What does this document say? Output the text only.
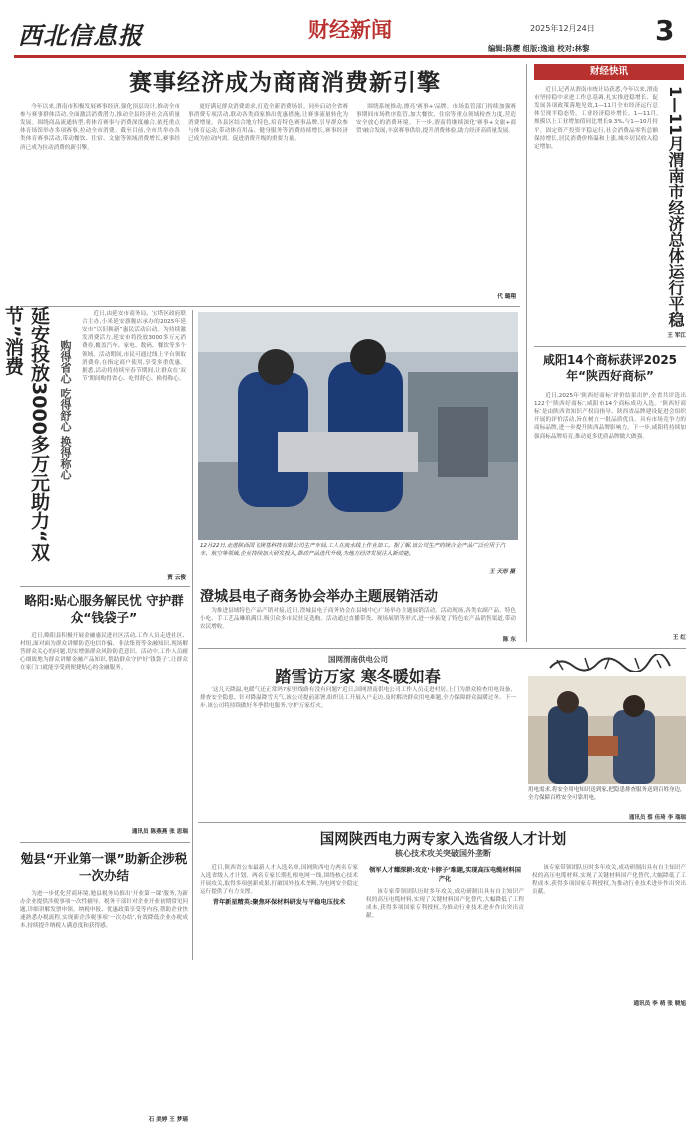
西北信息报	财经新闻	2025年12月24日 3
编辑:陈樱 组版:逸迪 校对:林黎
赛事经济成为商商消费新引擎
今年以来,渭南市积极发展赛事经济,强化顶层设计,推动全市参与赛事群体活动,全面激活消费潜力,推动全县经济社会高质量发展。围绕商品流通转型,将体育赛事与消费深度融合,依托重点体育场馆举办多项赛事,拉动全市消费。截至目前,全市共举办各类体育赛事活动,带动餐饮、住宿、文旅等领域消费增长,赛事经济已成为拉动消费的新引擎。
更好满足群众消费需求,打造全新消费场景。同步启动全省赛事消费专项活动,联动各类商家推出优惠措施,让赛事流量转化为消费增量。各县区结合地方特色,培育特色赛事品牌,引导群众参与体育运动,带动体育用品、健身服务等消费持续增长,赛事经济已成为拉动内需、促进消费升级的重要力量。
围绕系统推动,擦亮'赛事+'品牌。市场监管部门持续加强赛事期间市场秩序监管,加大餐饮、住宿等重点领域检查力度,营造安全放心的消费环境。下一步,渭南将继续深化'赛事+文旅+商贸'融合发展,丰富赛事供给,提升消费体验,助力经济高质量发展。
代 璐翔
财经快讯
近日,记者从渭南市统计局获悉,今年以来,渭南市坚持稳中求进工作总基调,扎实推进稳增长、促发展各项政策落地见效,1—11月全市经济运行总体呈现平稳态势。工业经济稳步增长。1—11月,规模以上工业增加值同比增长9.3%,与1—10月持平。固定资产投资平稳运行,社会消费品零售总额保持增长,居民消费价格温和上涨,城乡居民收入稳定增加。	1—11月渭南市经济总体运行平稳
王 军江
延安投放3000多万元助力“双节”消费	购得省心 吃得舒心 换得称心
近日,由延安市商务局、宝塔区政府联合主办,小米延安旗舰店承办的2025年延安市“以旧换新”惠民活动启动。为持续激发消费活力,延安市将投放3000多万元消费券,覆盖汽车、家电、数码、餐饮等多个领域。活动期间,市民可通过线上平台领取消费券,在指定商户使用,享受多重优惠。据悉,活动将持续至春节期间,让群众在‘双节’期间购得省心、吃得舒心、换得称心。
贾 云俊
12月22日,走进陕西国飞镁基科技有限公司生产车间,工人在流水线上作业加工。据了解,该公司生产的镁合金产品广泛应用于汽车、航空等领域,企业持续加大研发投入,推动产品迭代升级,为地方经济发展注入新动能。
王 天形 摄
澄城县电子商务协会举办主题展销活动
为推进县域特色产品产销对接,近日,澄城县电子商务协会在县城中心广场举办主题展销活动。活动现场,各类农副产品、特色小吃、手工艺品琳琅满目,吸引众多市民驻足选购。活动通过直播带货、现场展销等形式,进一步拓宽了特色农产品销售渠道,带动农民增收。
陈 东
略阳:贴心服务解民忧 守护群众“钱袋子”
近日,略阳县积极开展金融惠民进社区活动,工作人员走进社区、村组,面对面为群众讲解防范电信诈骗、非法集资等金融知识,现场解答群众关心的问题,切实增强群众风险防范意识。活动中,工作人员耐心细致地为群众讲解金融产品知识,帮助群众守护好‘钱袋子’,让群众在家门口就能享受到便捷贴心的金融服务。
通讯员 陈燕燕 张 思瑞
咸阳14个商标获评2025年“陕西好商标”
近日,2025年‘陕西好商标’评价结果出炉,全省共评选出122个‘陕西好商标’,咸阳市14个商标成功入选。‘陕西好商标’是由陕西省知识产权局指导、陕西省品牌建设促进会组织开展的评价活动,旨在树立一批品质优良、具有市场竞争力的商标品牌,进一步提升陕西品牌影响力。下一步,咸阳将持续加强商标品牌培育,推动更多优质品牌做大做强。
王 红
国网渭南供电公司
踏雪访万家 寒冬暖如春
‘这几天降温,电暖气还正常吗?家里线路有没有问题?’近日,国网渭南供电公司工作人员走进村居,上门为群众检查用电设备、排查安全隐患。针对降温降雪天气,该公司提前部署,组织员工开展入户走访,及时解决群众用电难题,全力保障群众温暖过冬。下一步,该公司将持续做好冬季供电服务,守护万家灯火。
用电需求,将安全用电知识送到家,把隐患排查服务送到百姓身边,全力保障百姓安全可靠用电。
通讯员 蔡 佳琦 李 瑞瑞
国网陕西电力两专家入选省级人才计划
核心技术攻关突破国外垄断

近日,陕西省公布最新人才入选名单,国网陕西电力两名专家入选省级人才计划。两名专家长期扎根电网一线,围绕核心技术开展攻关,取得多项创新成果,打破国外技术垄断,为电网安全稳定运行提供了有力支撑。

青年新星精英:聚焦环保材料研发与平稳电压技术

领军人才耀深耕:攻克‘卡脖子’难题,实现高压电缆材料国产化

该专家带领团队历时多年攻关,成功研制出具有自主知识产权的高压电缆材料,实现了关键材料国产化替代,大幅降低了工程成本,获得多项国家专利授权,为推动行业技术进步作出突出贡献。

该专家带领团队历时多年攻关,成功研制出具有自主知识产权的高压电缆材料,实现了关键材料国产化替代,大幅降低了工程成本,获得多项国家专利授权,为推动行业技术进步作出突出贡献。

通讯员 李 萌 张 晓旭
勉县“开业第一课”助新企涉税一次办结
为进一步优化营商环境,勉县税务局推出‘开业第一课’服务,为新办企业提供涉税事项一次性辅导。税务干部针对企业开业初期常见问题,详细讲解发票申领、纳税申报、优惠政策享受等内容,帮助企业快速熟悉办税流程,实现新企涉税事项‘一次办结’,有效降低企业办税成本,持续提升纳税人满意度和获得感。
石 美婷 王 梦瑶
